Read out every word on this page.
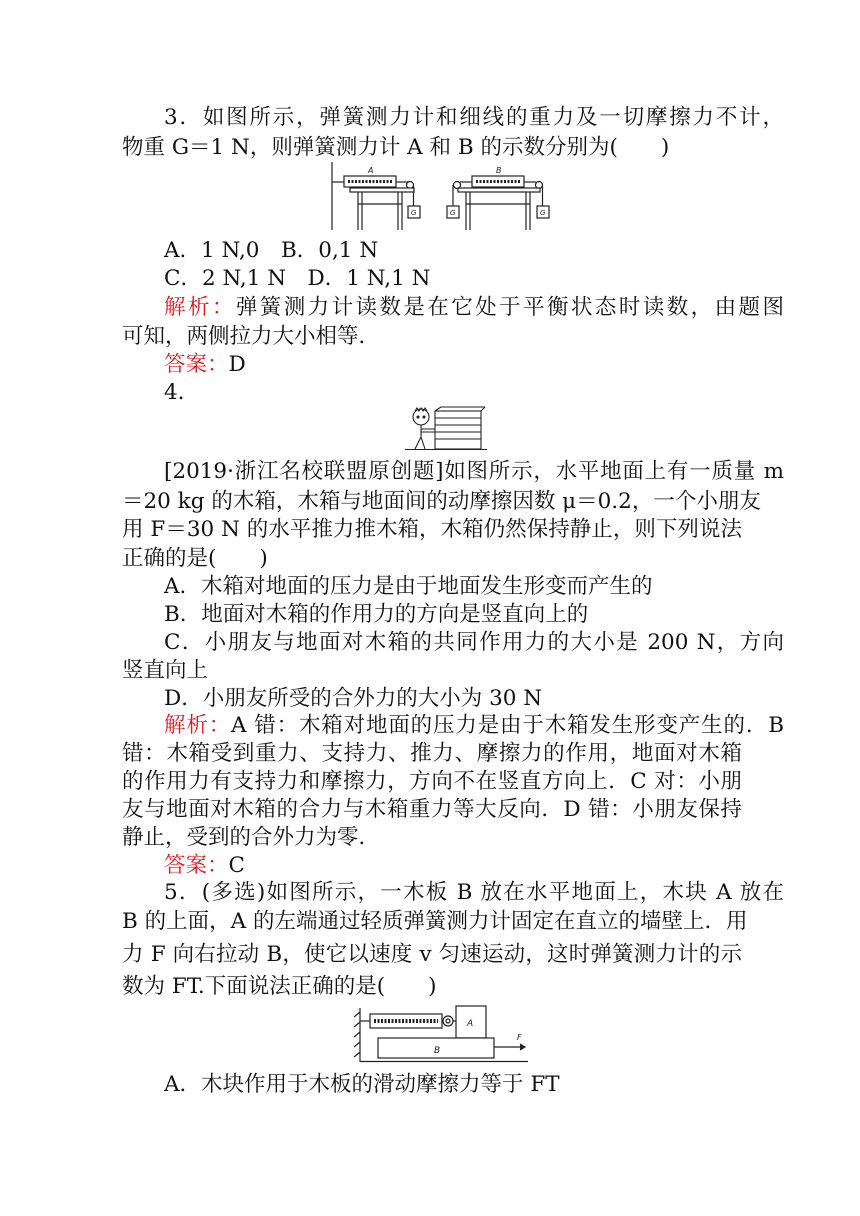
3．如图所示，弹簧测力计和细线的重力及一切摩擦力不计，
物重 G＝1 N，则弹簧测力计 A 和 B 的示数分别为(　　)
A	B
G	G	G
A．1 N,0　B．0,1 N
C．2 N,1 N　D．1 N,1 N
解析：弹簧测力计读数是在它处于平衡状态时读数，由题图
可知，两侧拉力大小相等．
答案：D
4.
[2019·浙江名校联盟原创题]如图所示，水平地面上有一质量 m
＝20 kg 的木箱，木箱与地面间的动摩擦因数 μ＝0.2，一个小朋友
用 F＝30 N 的水平推力推木箱，木箱仍然保持静止，则下列说法
正确的是(　　)
A．木箱对地面的压力是由于地面发生形变而产生的
B．地面对木箱的作用力的方向是竖直向上的
C．小朋友与地面对木箱的共同作用力的大小是 200 N，方向
竖直向上
D．小朋友所受的合外力的大小为 30 N
解析：A 错：木箱对地面的压力是由于木箱发生形变产生的．B
错：木箱受到重力、支持力、推力、摩擦力的作用，地面对木箱
的作用力有支持力和摩擦力，方向不在竖直方向上．C 对：小朋
友与地面对木箱的合力与木箱重力等大反向．D 错：小朋友保持
静止，受到的合外力为零．
答案：C
5．(多选)如图所示，一木板 B 放在水平地面上，木块 A 放在
B 的上面，A 的左端通过轻质弹簧测力计固定在直立的墙壁上．用
力 F 向右拉动 B，使它以速度 v 匀速运动，这时弹簧测力计的示
数为 FT.下面说法正确的是(　　)
A
B
F
A．木块作用于木板的滑动摩擦力等于 FT
